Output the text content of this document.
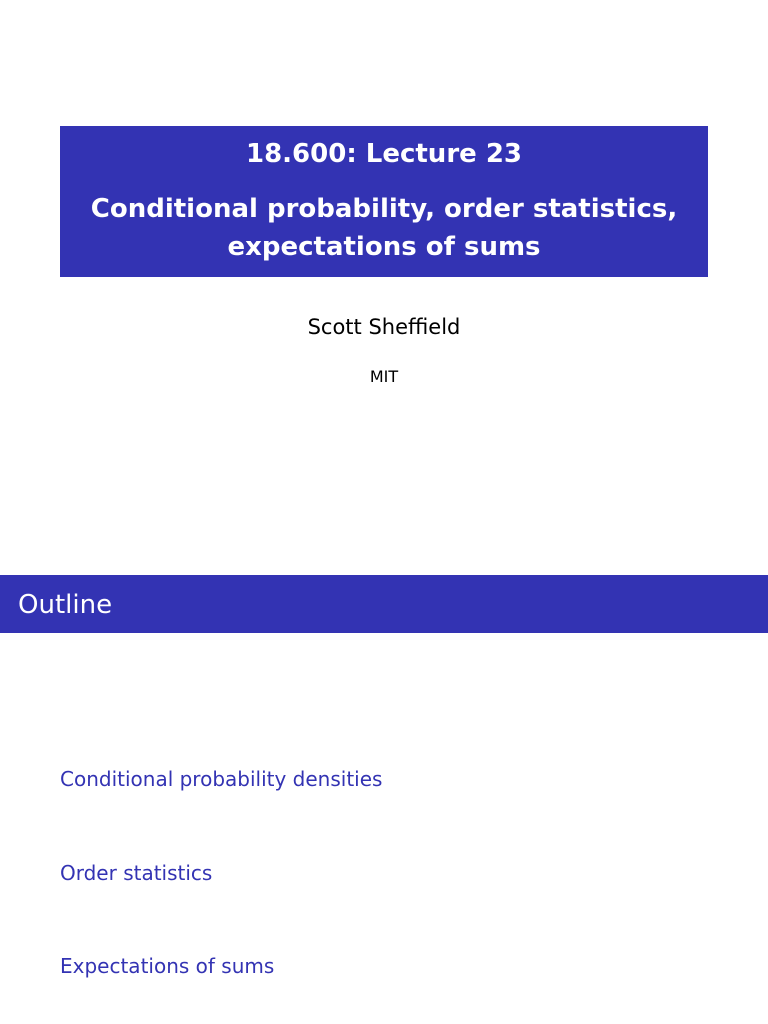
18.600: Lecture 23
Conditional probability, order statistics,
expectations of sums
Scott Sheffield
MIT
Outline
Conditional probability densities
Order statistics
Expectations of sums
